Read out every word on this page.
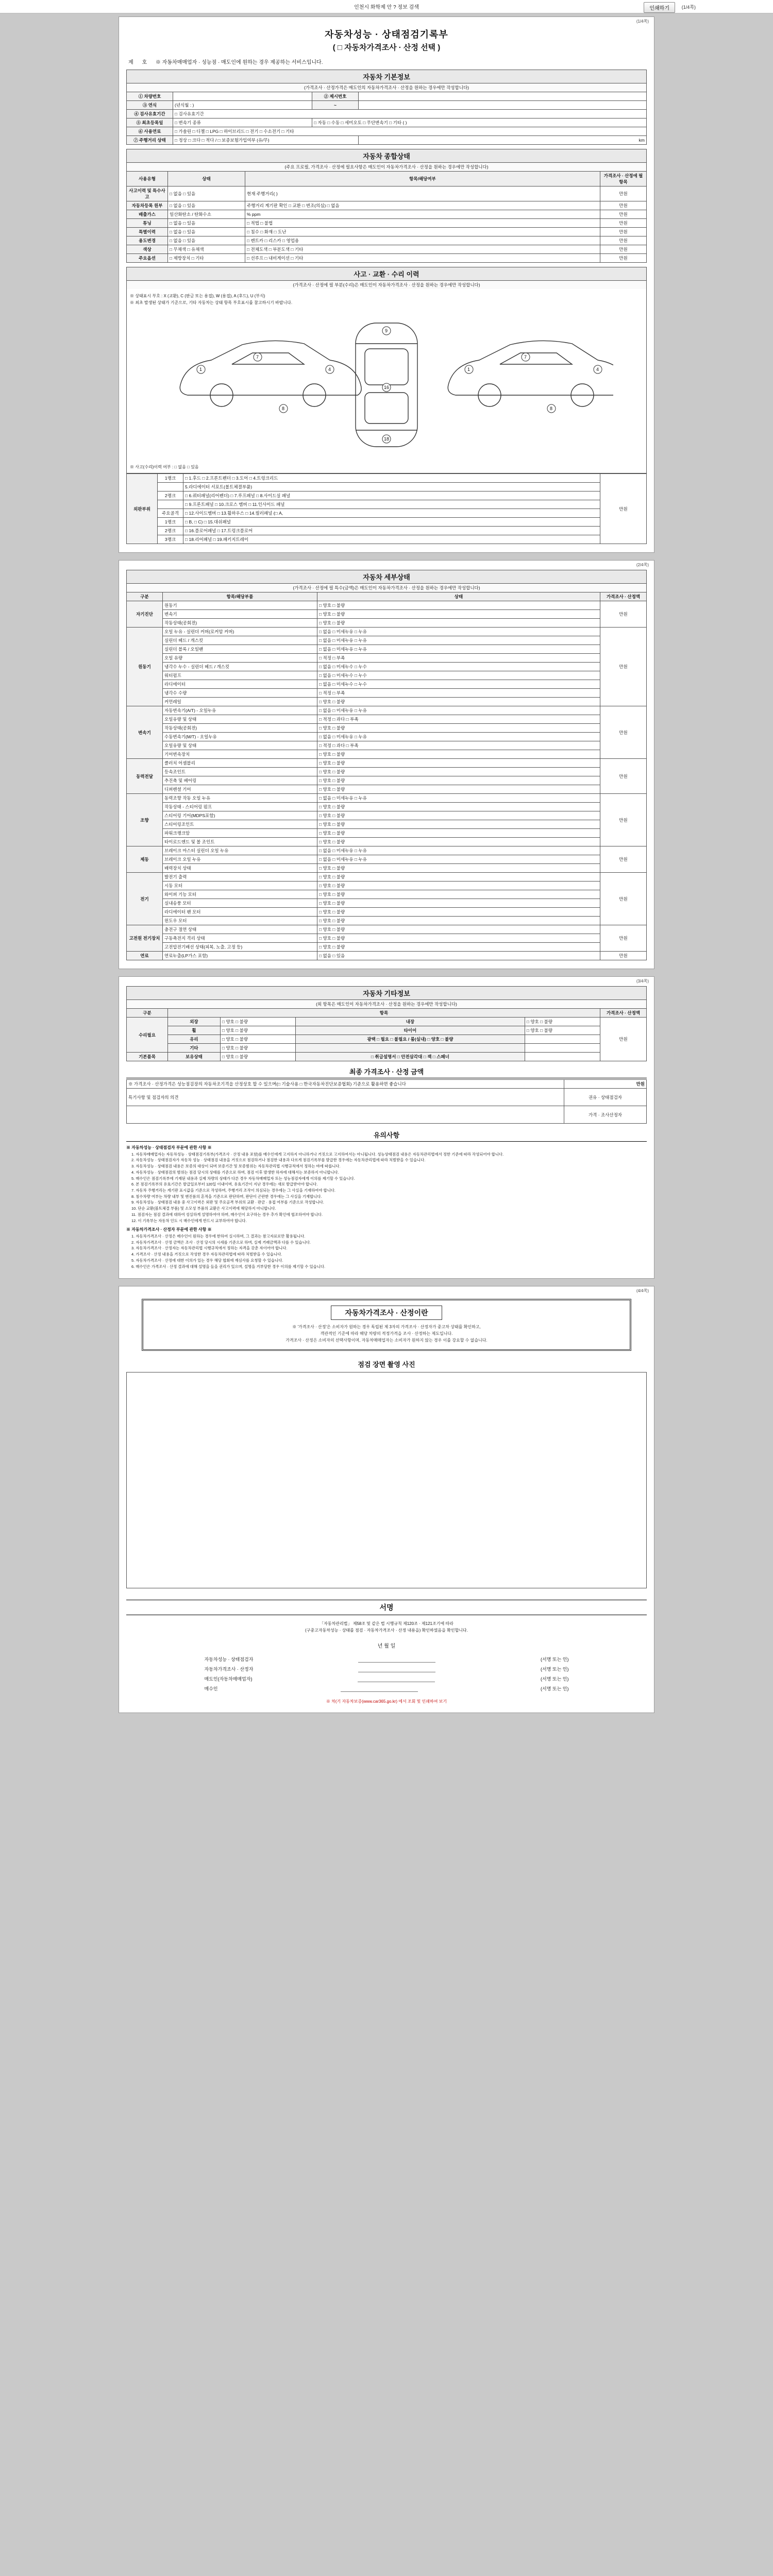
인천시 화학제 안 ? 정보 검색	인쇄하기	(1/4쪽)
(1/4쪽)
자동차성능 · 상태점검기록부
( □ 자동차가격조사 · 산정 선택 )
제 호 ※ 자동차매매업자 · 성능점 · 매도인에 원하는 경우 제공하는 서비스입니다.
자동차 기본정보
(가격조사 · 산정가격은 매도인의 자동차가격조사 · 산정을 원하는 경우에만 작성합니다)
① 차량번호		② 제시번호	
③ 연식	(년식월 : )	~	
④ 검사유효기간	□ 검사유효기간		
⑤ 최초등록일	□ 변속기 종류	□ 자동 □ 수동 □ 세미오토 □ 무단변속기 □ 기타 ( )	
⑥ 사용연료	□ 가솔린 □ 디젤 □ LPG □ 하이브리드 □ 전기 □ 수소전기 □ 기타		
⑦ 주행거리 상태	□ 정상 □ 크다 □ 적다 / □ 보증보험가입여부 (유/무)		km
자동차 종합상태
(주요 프로필, 가격조사 · 산정에 필요사항은 매도인이 자동차가격조사 · 산정을 원하는 경우에만 작성합니다)
사용유형	상태	항목/해당여부	가격조사 · 산정에 필 항목
사고이력 및 특수사고	□ 없음 □ 있음	현재 주행거리( )	만원
자동차등록 원부	□ 없음 □ 있음	주행거리 계기판 확인 □ 교환 □ 변조(의심) □ 없음	만원
배출가스	일산화탄소 / 탄화수소	% ppm	만원
튜닝	□ 없음 □ 있음	□ 적법 □ 불법	만원
특별이력	□ 없음 □ 있음	□ 침수 □ 화재 □ 도난	만원
용도변경	□ 없음 □ 있음	□ 렌트카 □ 리스카 □ 영업용	만원
색상	□ 무채색 □ 유채색	□ 전체도색 □ 부분도색 □ 기타	만원
주요옵션	□ 제방장치 □ 기타	□ 선루프 □ 내비게이션 □ 기타	만원
사고 · 교환 · 수리 이력
(가격조사 · 산정에 필 부분(수리)은 매도인이 자동차가격조사 · 산정을 원하는 경우에만 작성합니다)
※ 상태표시 부호 : X (교환), C (판금 또는 용접), W (용접), A (후드), U (부식)
※ 최초 발생된 상태가 기준으로, 기타 자동차는 상태 항목 부호표시를 참고하시기 바랍니다.
1
7
4
8
9
18
16
1
7
4
8
※ 사고(수리)이력 여부 : □ 없음 □ 있음
외판부위	1랭크	□ 1.후드 □ 2.프론트펜더 □ 3.도어 □ 4.트렁크리드	만원
		5.라디에이터 서포트(볼트체결부품)	
	2랭크	□ 6.쿼터패널(리어펜더) □ 7.루프패널 □ 8.사이드실 패널	
		□ 9.프론트패널 □ 10.크로스 멤버 □ 11.인사이드 패널	
	주요골격	□ 12.사이드멤버 □ 13.휠하우스 □ 14.필러패널 (□ A,	
	1랭크	□ B, □ C) □ 15.대쉬패널	
	2랭크	□ 16.플로어패널 □ 17.트렁크플로어	
	3랭크	□ 18.리어패널 □ 19.패키지트레이	
(2/4쪽)
자동차 세부상태
(가격조사 · 산정에 필 특수(금액)은 매도인이 자동차가격조사 · 산정을 원하는 경우에만 작성합니다)
구분	항목/해당부품	상태	가격조사 · 산정액
자기진단	원동기	□ 양호 □ 불량	만원
	변속기	□ 양호 □ 불량	
	작동상태(공회전)	□ 양호 □ 불량	
원동기	오일 누유 - 실린더 커버(로커암 커버)	□ 없음 □ 미세누유 □ 누유	만원
	실린더 헤드 / 개스킷	□ 없음 □ 미세누유 □ 누유	
	실린더 블록 / 오일팬	□ 없음 □ 미세누유 □ 누유	
	오일 유량	□ 적정 □ 부족	
	냉각수 누수 - 실린더 헤드 / 개스킷	□ 없음 □ 미세누수 □ 누수	
	워터펌프	□ 없음 □ 미세누수 □ 누수	
	라디에이터	□ 없음 □ 미세누수 □ 누수	
	냉각수 수량	□ 적정 □ 부족	
	커먼레일	□ 양호 □ 불량	
변속기	자동변속기(A/T) - 오일누유	□ 없음 □ 미세누유 □ 누유	만원
	오일유량 및 상태	□ 적정 □ 과다 □ 부족	
	작동상태(공회전)	□ 양호 □ 불량	
	수동변속기(M/T) - 오일누유	□ 없음 □ 미세누유 □ 누유	
	오일유량 및 상태	□ 적정 □ 과다 □ 부족	
	기어변속장치	□ 양호 □ 불량	
동력전달	클러치 어셈블리	□ 양호 □ 불량	만원
	등속조인트	□ 양호 □ 불량	
	추진축 및 베어링	□ 양호 □ 불량	
	디퍼렌셜 기어	□ 양호 □ 불량	
조향	동력조향 작동 오일 누유	□ 없음 □ 미세누유 □ 누유	만원
	작동상태 - 스티어링 펌프	□ 양호 □ 불량	
	스티어링 기어(MDPS포함)	□ 양호 □ 불량	
	스티어링조인트	□ 양호 □ 불량	
	파워크랭크암	□ 양호 □ 불량	
	타이로드엔드 및 볼 조인트	□ 양호 □ 불량	
제동	브레이크 마스터 실린더 오일 누유	□ 없음 □ 미세누유 □ 누유	만원
	브레이크 오일 누유	□ 없음 □ 미세누유 □ 누유	
	배력장치 상태	□ 양호 □ 불량	
전기	발전기 출력	□ 양호 □ 불량	만원
	시동 모터	□ 양호 □ 불량	
	와이퍼 기능 모터	□ 양호 □ 불량	
	실내송풍 모터	□ 양호 □ 불량	
	라디에이터 팬 모터	□ 양호 □ 불량	
	윈도우 모터	□ 양호 □ 불량	
고전원 전기장치	충전구 절연 상태	□ 양호 □ 불량	만원
	구동축전지 격리 상태	□ 양호 □ 불량	
	고전압전기배선 상태(피복, 노출, 고정 등)	□ 양호 □ 불량	
연료	연료누출(LP가스 포함)	□ 없음 □ 있음	만원
(3/4쪽)
자동차 기타정보
(외 항목은 매도인이 자동차가격조사 · 산정을 원하는 경우에만 작성합니다)
구분	항목				가격조사 · 산정액
수리필요	외장	□ 양호 □ 불량	내장	□ 양호 □ 불량	만원
	휠	□ 양호 □ 불량	타이어	□ 양호 □ 불량	
	유리	□ 양호 □ 불량	광택 □ 필요 □ 불필요 / 룸(실내) □ 양호 □ 불량		
	기타	□ 양호 □ 불량			
기본품목	보유상태	□ 양호 □ 불량	□ 취급설명서 □ 안전삼각대 □ 잭 □ 스패너		
최종 가격조사 · 산정 금액
※ 가격조사 · 산정가격은 성능점검장의 자동차조기격을 산정상호 할 수 있으며(□ 기술사용 □ 한국자동차진단보증협회) 기준으로 활용하면 좋습니다	만원
특기사항 및 점검자의 의견	권유 · 상태점검자
	가격 · 조사산정자
유의사항
※ 자동차성능 · 상태점검자 부문에 관한 사항 ※

1. 자동차매매업자는 자동차성능 · 상태점검기록부(가격조사 · 산정 내용 포함)를 매수인에게 고지하지 아니하거나 거짓으로 고지하여서는 아니됩니다. 성능상태점검 내용은 자동차관리법에서 정한 기준에 따라 작성되어야 합니다.

2. 자동차성능 · 상태점검자가 자동차 성능 · 상태점검 내용을 거짓으로 점검하거나 점검한 내용과 다르게 점검기록부를 발급한 경우에는 자동차관리법에 따라 처벌받을 수 있습니다.

3. 자동차성능 · 상태점검 내용은 보증의 대상이 되며 보증기간 및 보증범위는 자동차관리법 시행규칙에서 정하는 바에 따릅니다.

4. 자동차성능 · 상태점검의 범위는 점검 당시의 상태를 기준으로 하며, 점검 이후 발생한 하자에 대해서는 보증하지 아니합니다.

5. 매수인은 점검기록부에 기재된 내용과 실제 차량의 상태가 다른 경우 자동차매매업자 또는 성능점검자에게 이의를 제기할 수 있습니다.

6. 본 점검기록부의 유효기간은 발급일로부터 120일 이내이며, 유효기간이 지난 경우에는 새로 발급받아야 합니다.

7. 자동차 주행거리는 계기판 표시값을 기준으로 작성하며, 주행거리 조작이 의심되는 경우에는 그 사실을 기재하여야 합니다.

8. 침수차량 여부는 차량 내부 및 엔진룸의 흔적을 기준으로 판단하며, 판단이 곤란한 경우에는 그 사실을 기재합니다.

9. 자동차성능 · 상태점검 내용 중 사고이력은 외판 및 주요골격 부위의 교환 · 판금 · 용접 여부를 기준으로 작성합니다.

10. 단순 교환(볼트체결 부품) 및 소모성 부품의 교환은 사고이력에 해당하지 아니합니다.

11. 점검자는 점검 결과에 대하여 성실하게 설명하여야 하며, 매수인이 요구하는 경우 추가 확인에 협조하여야 합니다.

12. 이 기록부는 자동차 인도 시 매수인에게 반드시 교부하여야 합니다.

※ 자동차가격조사 · 산정자 부문에 관한 사항 ※

1. 자동차가격조사 · 산정은 매수인이 원하는 경우에 한하여 실시하며, 그 결과는 참고자료로만 활용됩니다.

2. 자동차가격조사 · 산정 금액은 조사 · 산정 당시의 시세를 기준으로 하며, 실제 거래금액과 다를 수 있습니다.

3. 자동차가격조사 · 산정자는 자동차관리법 시행규칙에서 정하는 자격을 갖춘 자이어야 합니다.

4. 가격조사 · 산정 내용을 거짓으로 작성한 경우 자동차관리법에 따라 처벌받을 수 있습니다.

5. 자동차가격조사 · 산정에 대한 이의가 있는 경우 해당 협회에 재심사를 요청할 수 있습니다.

6. 매수인은 가격조사 · 산정 결과에 대해 설명을 들을 권리가 있으며, 설명을 거부당한 경우 이의를 제기할 수 있습니다.

(4/4쪽)
자동차가격조사 · 산정이란
※ '가격조사 · 산정'은 소비자가 원하는 경우 독립된 제 3자의 가격조사 · 산정자가 중고차 상태를 확인하고,
객관적인 기준에 따라 해당 차량의 적정가격을 조사 · 산정하는 제도입니다.
가격조사 · 산정은 소비자의 선택사항이며, 자동차매매업자는 소비자가 원하지 않는 경우 이를 강요할 수 없습니다.
점검 장면 촬영 사진
서명
「자동차관리법」 제58조 및 같은 법 시행규칙 제120조 · 제121조기에 따라
(구중고자동차성능 · 상태를 점검 · 자동차가격조사 · 산정 내용을) 확인하였음을 확인합니다.
년 월 일
자동차성능 · 상태점검자	(서명 또는 인)
자동차가격조사 · 산정자	(서명 또는 인)
매도인(자동차매매업자)	(서명 또는 인)
매수인	(서명 또는 인)
※ 차(기 자동차보증(www.car365.go.kr) 에서 조회 및 인쇄하여 보기
